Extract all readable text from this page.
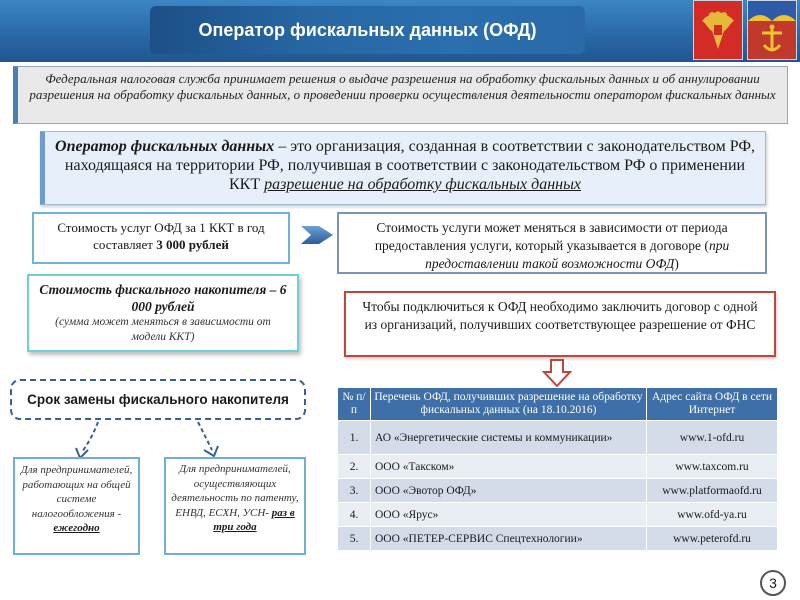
Оператор фискальных данных (ОФД)
Федеральная налоговая служба принимает решения о выдаче разрешения на обработку фискальных данных и об аннулировании разрешения на обработку фискальных данных, о проведении проверки осуществления деятельности оператором фискальных данных
Оператор фискальных данных – это организация, созданная в соответствии с законодательством РФ, находящаяся на территории РФ, получившая в соответствии с законодательством РФ о применении ККТ разрешение на обработку фискальных данных
Стоимость услуг ОФД за 1 ККТ в год составляет 3 000 рублей
Стоимость услуги может меняться в зависимости от периода предоставления услуги, который указывается в договоре (при предоставлении такой возможности ОФД)
Стоимость фискального накопителя – 6 000 рублей
(сумма может меняться в зависимости от модели ККТ)
Чтобы подключиться к ОФД необходимо заключить договор с одной из организаций, получивших соответствующее разрешение от ФНС
Срок замены фискального накопителя
Для предпринимателей, работающих на общей системе налогообложения - ежегодно
Для предпринимателей, осуществляющих деятельность по патенту, ЕНВД, ЕСХН, УСН- раз в три года
№ п/п	Перечень ОФД, получивших разрешение на обработку фискальных данных (на 18.10.2016)	Адрес сайта ОФД в сети Интернет
1.	АО «Энергетические системы и коммуникации»	www.1-ofd.ru
2.	ООО «Такском»	www.taxcom.ru
3.	ООО «Эвотор ОФД»	www.platformaofd.ru
4.	ООО «Ярус»	www.ofd-ya.ru
5.	ООО «ПЕТЕР-СЕРВИС Спецтехнологии»	www.peterofd.ru
3
